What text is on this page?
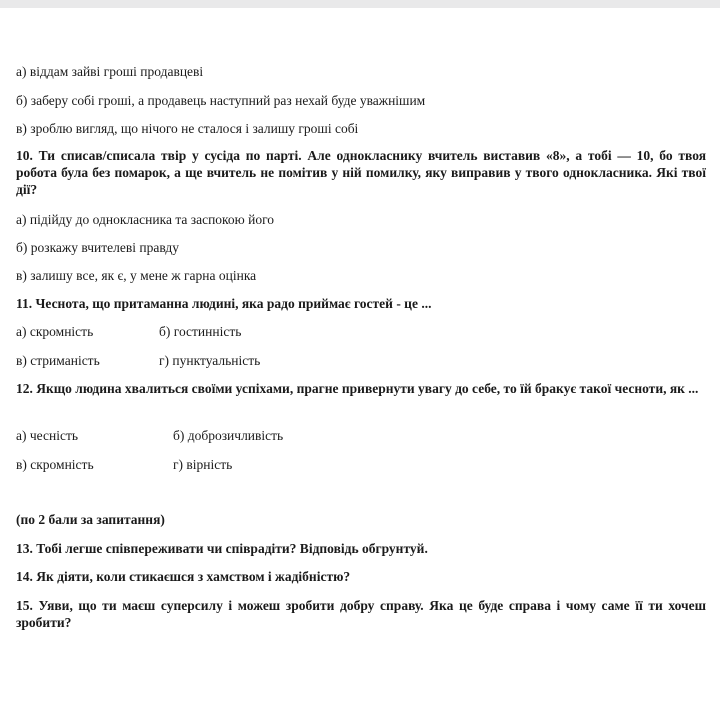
а) віддам зайві гроші продавцеві
б) заберу собі гроші, а продавець наступний раз нехай буде уважнішим
в) зроблю вигляд, що нічого не сталося і залишу гроші собі
10. Ти списав/списала твір у сусіда по парті. Але однокласнику вчитель виставив «8», а тобі — 10, бо твоя робота була без помарок, а ще вчитель не помітив у ній помилку, яку виправив у твого однокласника. Які твої дії?
а) підійду до однокласника та заспокою його
б) розкажу вчителеві правду
в) залишу все, як є, у мене ж гарна оцінка
11. Чеснота, що притаманна людині, яка радо приймає гостей - це ...
а) скромність	б) гостинність
в) стриманість	г) пунктуальність
12. Якщо людина хвалиться своїми успіхами, прагне привернути увагу до себе, то їй бракує такої чесноти, як ...
а) чесність	б) доброзичливість
в) скромність	г) вірність
(по 2 бали за запитання)
13. Тобі легше співпереживати чи співрадіти? Відповідь обгрунтуй.
14. Як діяти, коли стикаєшся з хамством і жадібністю?
15. Уяви, що ти маєш суперсилу і можеш зробити добру справу. Яка це буде справа і чому саме її ти хочеш зробити?
